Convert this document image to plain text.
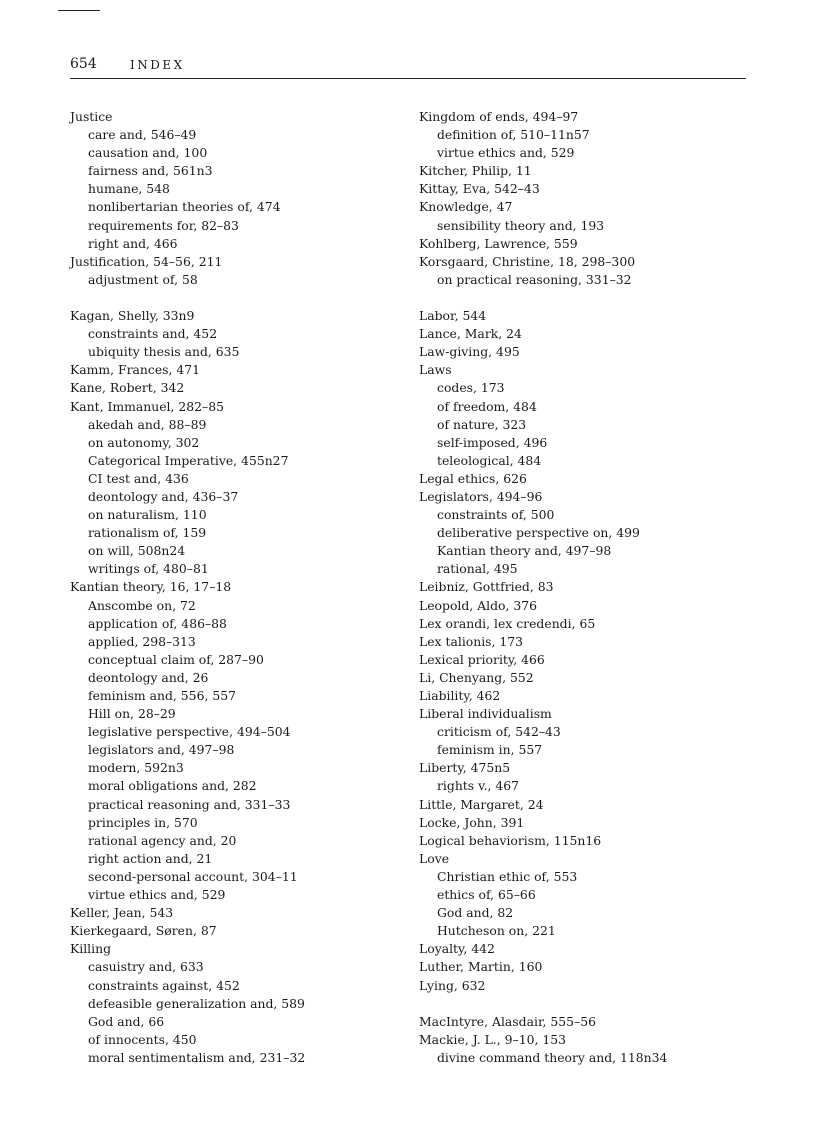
654	INDEX
Justice
care and, 546–49
causation and, 100
fairness and, 561n3
humane, 548
nonlibertarian theories of, 474
requirements for, 82–83
right and, 466
Justification, 54–56, 211
adjustment of, 58
Kagan, Shelly, 33n9
constraints and, 452
ubiquity thesis and, 635
Kamm, Frances, 471
Kane, Robert, 342
Kant, Immanuel, 282–85
akedah and, 88–89
on autonomy, 302
Categorical Imperative, 455n27
CI test and, 436
deontology and, 436–37
on naturalism, 110
rationalism of, 159
on will, 508n24
writings of, 480–81
Kantian theory, 16, 17–18
Anscombe on, 72
application of, 486–88
applied, 298–313
conceptual claim of, 287–90
deontology and, 26
feminism and, 556, 557
Hill on, 28–29
legislative perspective, 494–504
legislators and, 497–98
modern, 592n3
moral obligations and, 282
practical reasoning and, 331–33
principles in, 570
rational agency and, 20
right action and, 21
second-personal account, 304–11
virtue ethics and, 529
Keller, Jean, 543
Kierkegaard, Søren, 87
Killing
casuistry and, 633
constraints against, 452
defeasible generalization and, 589
God and, 66
of innocents, 450
moral sentimentalism and, 231–32
Kingdom of ends, 494–97
definition of, 510–11n57
virtue ethics and, 529
Kitcher, Philip, 11
Kittay, Eva, 542–43
Knowledge, 47
sensibility theory and, 193
Kohlberg, Lawrence, 559
Korsgaard, Christine, 18, 298–300
on practical reasoning, 331–32
Labor, 544
Lance, Mark, 24
Law-giving, 495
Laws
codes, 173
of freedom, 484
of nature, 323
self-imposed, 496
teleological, 484
Legal ethics, 626
Legislators, 494–96
constraints of, 500
deliberative perspective on, 499
Kantian theory and, 497–98
rational, 495
Leibniz, Gottfried, 83
Leopold, Aldo, 376
Lex orandi, lex credendi, 65
Lex talionis, 173
Lexical priority, 466
Li, Chenyang, 552
Liability, 462
Liberal individualism
criticism of, 542–43
feminism in, 557
Liberty, 475n5
rights v., 467
Little, Margaret, 24
Locke, John, 391
Logical behaviorism, 115n16
Love
Christian ethic of, 553
ethics of, 65–66
God and, 82
Hutcheson on, 221
Loyalty, 442
Luther, Martin, 160
Lying, 632
MacIntyre, Alasdair, 555–56
Mackie, J. L., 9–10, 153
divine command theory and, 118n34
